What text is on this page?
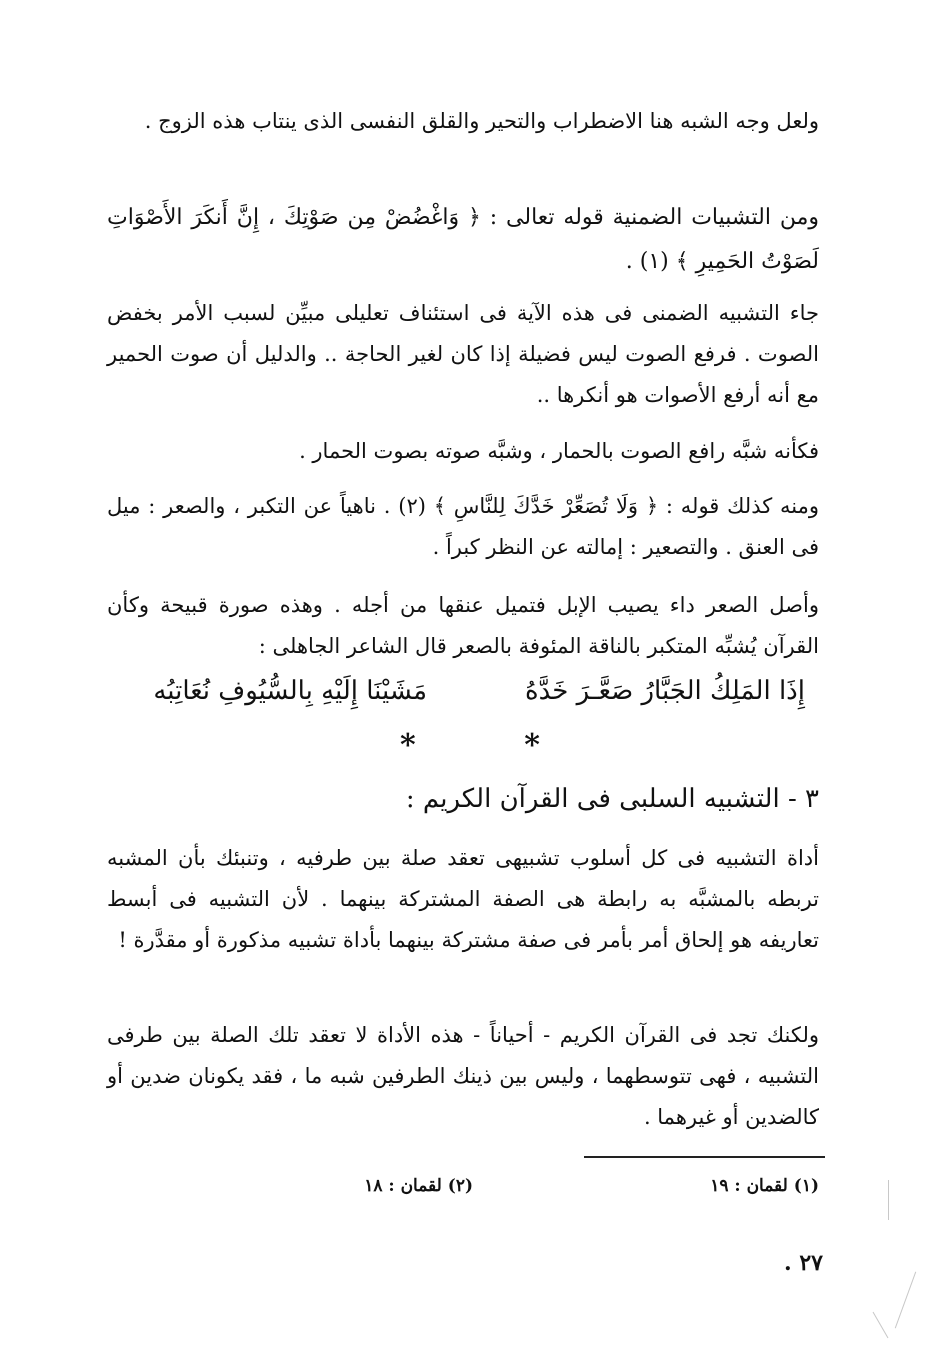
ولعل وجه الشبه هنا الاضطراب والتحير والقلق النفسى الذى ينتاب هذه الزوج .
ومن التشبيات الضمنية قوله تعالى : ﴿ وَاغْضُضْ مِن صَوْتِكَ ، إِنَّ أَنكَرَ الأَصْوَاتِ لَصَوْتُ الحَمِيرِ ﴾ (١) .
جاء التشبيه الضمنى فى هذه الآية فى استئناف تعليلى مبيِّن لسبب الأمر بخفض الصوت . فرفع الصوت ليس فضيلة إذا كان لغير الحاجة .. والدليل أن صوت الحمير مع أنه أرفع الأصوات هو أنكرها ..
فكأنه شبَّه رافع الصوت بالحمار ، وشبَّه صوته بصوت الحمار .
ومنه كذلك قوله : ﴿ وَلَا تُصَعِّرْ خَدَّكَ لِلنَّاسِ ﴾ (٢) . ناهياً عن التكبر ، والصعر : ميل فى العنق . والتصعير : إمالته عن النظر كبراً .
وأصل الصعر داء يصيب الإبل فتميل عنقها من أجله . وهذه صورة قبيحة وكأن القرآن يُشبِّه المتكبر بالناقة المئوفة بالصعر قال الشاعر الجاهلى :
إِذَا المَلِكُ الجَبَّارُ صَعَّـرَ خَدَّهُ
مَشَيْنَا إِلَيْهِ بِالسُّيُوفِ نُعَاتِبُه
*	*
٣ - التشبيه السلبى فى القرآن الكريم :
أداة التشبيه فى كل أسلوب تشبيهى تعقد صلة بين طرفيه ، وتنبئك بأن المشبه تربطه بالمشبَّه به رابطة هى الصفة المشتركة بينهما . لأن التشبيه فى أبسط تعاريفه هو إلحاق أمر بأمر فى صفة مشتركة بينهما بأداة تشبيه مذكورة أو مقدَّرة !
ولكنك تجد فى القرآن الكريم - أحياناً - هذه الأداة لا تعقد تلك الصلة بين طرفى التشبيه ، فهى تتوسطهما ، وليس بين ذينك الطرفين شبه ما ، فقد يكونان ضدين أو كالضدين أو غيرهما .
(١) لقمان : ١٩
(٢) لقمان : ١٨
٢٧ .
